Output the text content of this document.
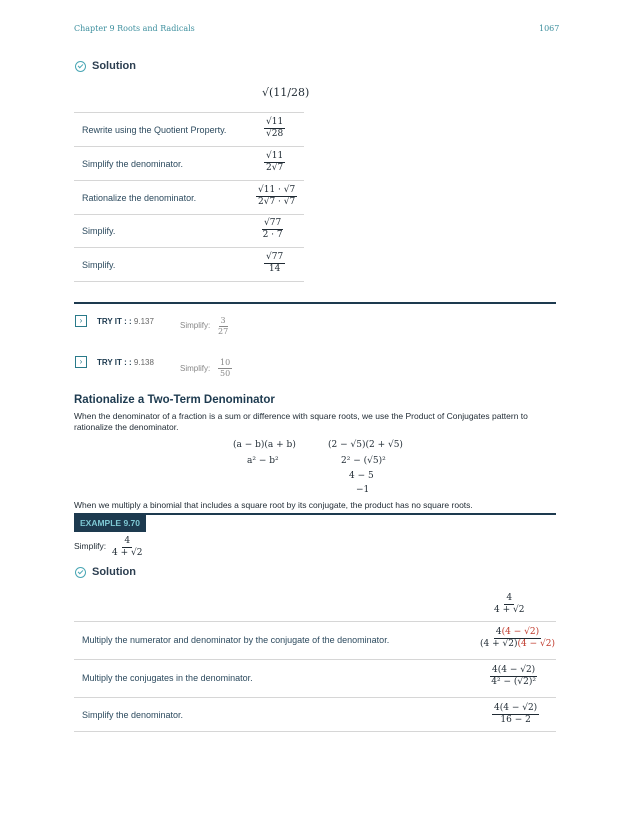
Chapter 9 Roots and Radicals	1067
Solution
√(11/28)
Rewrite using the Quotient Property.	$\frac{√11}{√28}$
Simplify the denominator.	$\frac{√11}{2√7}$
Rationalize the denominator.	$\frac{√11 \cdot √7}{2√7 \cdot √7}$
Simplify.	$\frac{√77}{2 \cdot 7}$
Simplify.	$\frac{√77}{14}$
›	TRY IT : : 9.137	Simplify: $\frac{3}{27}$
›	TRY IT : : 9.138
Simplify: $\frac{10}{50}$
Rationalize a Two-Term Denominator
When the denominator of a fraction is a sum or difference with square roots, we use the Product of Conjugates pattern to rationalize the denominator.
(a − b)(a + b)
a² − b²
(2 − √5)(2 + √5)
2² − (√5)²
4 − 5
−1
When we multiply a binomial that includes a square root by its conjugate, the product has no square roots.
EXAMPLE 9.70
Simplify: $\frac{4}{4 + √2}$
Solution
$\frac{4}{4 + √2}$
Multiply the numerator and denominator by the conjugate of the denominator.	$\frac{4(4 - √2)}{(4 + √2)(4 - √2)}$
Multiply the conjugates in the denominator.	$\frac{4(4 - √2)}{\text{4² − (√2)²}}$
Simplify the denominator.	$\frac{4(4 - √2)}{16 - 2}$
